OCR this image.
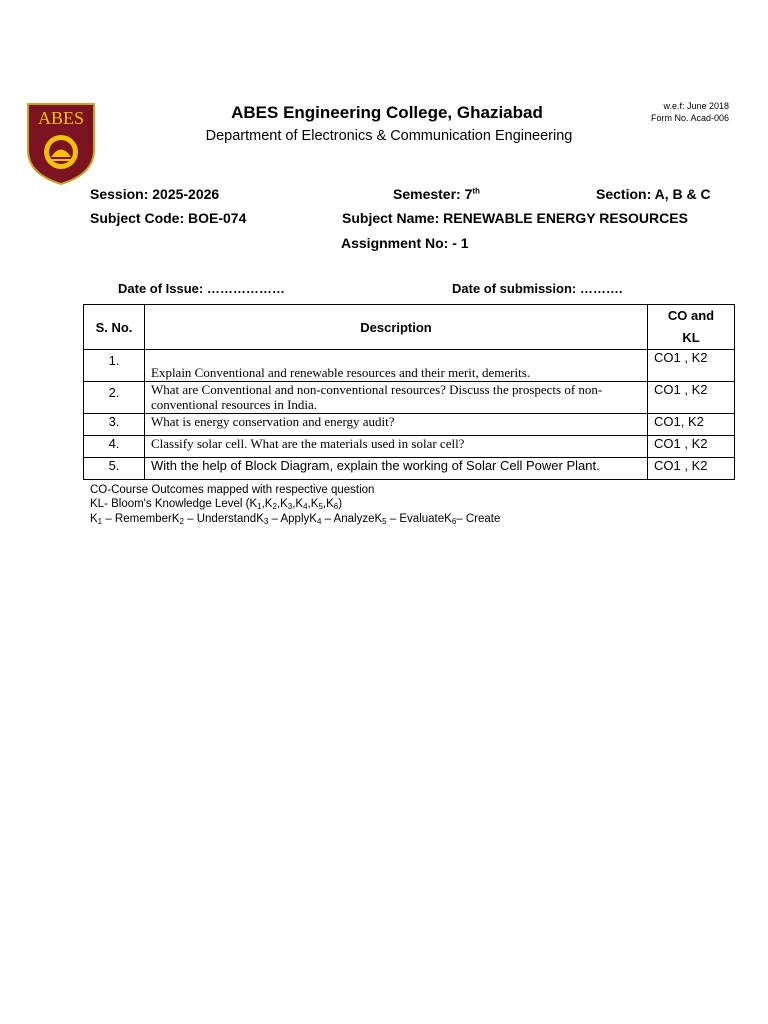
ABES	ABES Engineering College, Ghaziabad
Department of Electronics & Communication Engineering
w.e.f: June 2018
Form No. Acad-006
Session: 2025-2026	Semester: 7th	Section: A, B & C
Subject Code: BOE-074	Subject Name: RENEWABLE ENERGY RESOURCES
Assignment No: - 1
Date of Issue: ………………	Date of submission: ……….
S. No.	Description	CO and
KL

1.	Explain Conventional and renewable resources and their merit, demerits.	CO1 , K2
2.	What are Conventional and non-conventional resources? Discuss the prospects of non-conventional resources in India.	CO1 , K2
3.	What is energy conservation and energy audit?	CO1, K2
4.	Classify solar cell. What are the materials used in solar cell?	CO1 , K2
5.	With the help of Block Diagram, explain the working of Solar Cell Power Plant.	CO1 , K2
CO-Course Outcomes mapped with respective question
KL- Bloom's Knowledge Level $(K_1,K_2,K_3,K_4,K_5,K_6)$
$K_1$ – RememberK$_2$ – UnderstandK$_3$ – ApplyK$_4$ – AnalyzeK$_5$ – EvaluateK$_6$– Create
